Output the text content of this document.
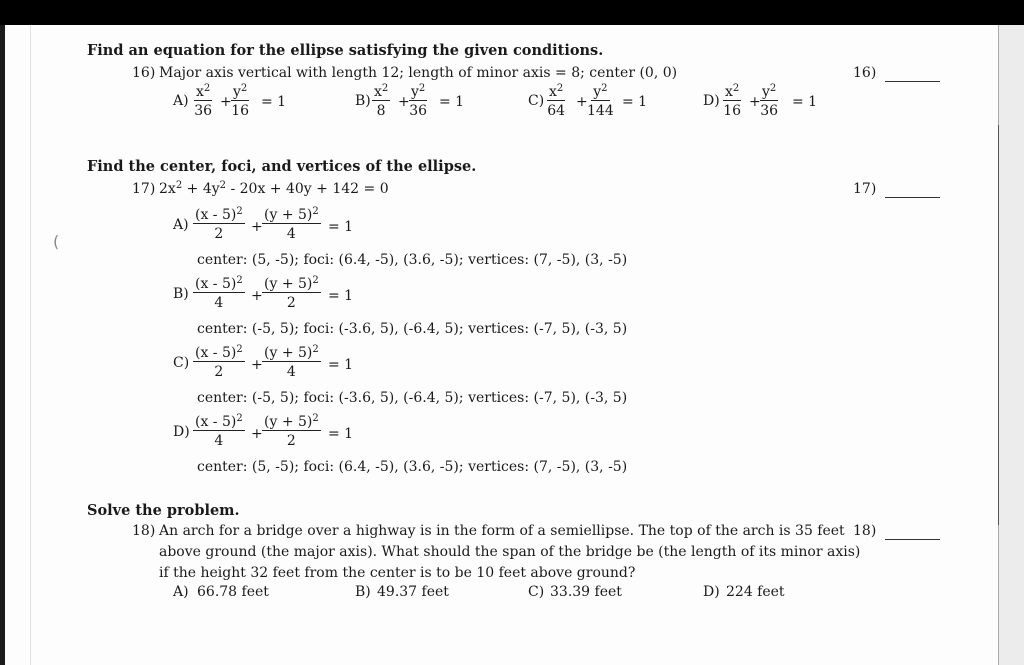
(
Find an equation for the ellipse satisfying the given conditions.
16) Major axis vertical with length 12; length of minor axis = 8; center (0, 0)	16)
$A) \frac{x^2}{36} + \frac{y^2}{16} = 1$	$B) \frac{x^2}{8} + \frac{y^2}{36} = 1$	$C) \frac{x^2}{64} + \frac{y^2}{144} = 1$	$D) \frac{x^2}{16} + \frac{y^2}{36} = 1$
Find the center, foci, and vertices of the ellipse.
17) $2x^2 + 4y^2 - 20x + 40y + 142 = 0$	17)
$A) \frac{(x - 5)^2}{2} + \frac{(y + 5)^2}{4} = 1$
center: (5, -5); foci: (6.4, -5), (3.6, -5); vertices: (7, -5), (3, -5)
$B) \frac{(x - 5)^2}{4} + \frac{(y + 5)^2}{2} = 1$
center: (-5, 5); foci: (-3.6, 5), (-6.4, 5); vertices: (-7, 5), (-3, 5)
$C) \frac{(x - 5)^2}{2} + \frac{(y + 5)^2}{4} = 1$
center: (-5, 5); foci: (-3.6, 5), (-6.4, 5); vertices: (-7, 5), (-3, 5)
$D) \frac{(x - 5)^2}{4} + \frac{(y + 5)^2}{2} = 1$
center: (5, -5); foci: (6.4, -5), (3.6, -5); vertices: (7, -5), (3, -5)
Solve the problem.
18) An arch for a bridge over a highway is in the form of a semiellipse. The top of the arch is 35 feet
above ground (the major axis). What should the span of the bridge be (the length of its minor axis)
if the height 32 feet from the center is to be 10 feet above ground?
18)
A) 66.78 feet	B) 49.37 feet	C) 33.39 feet	D) 224 feet
